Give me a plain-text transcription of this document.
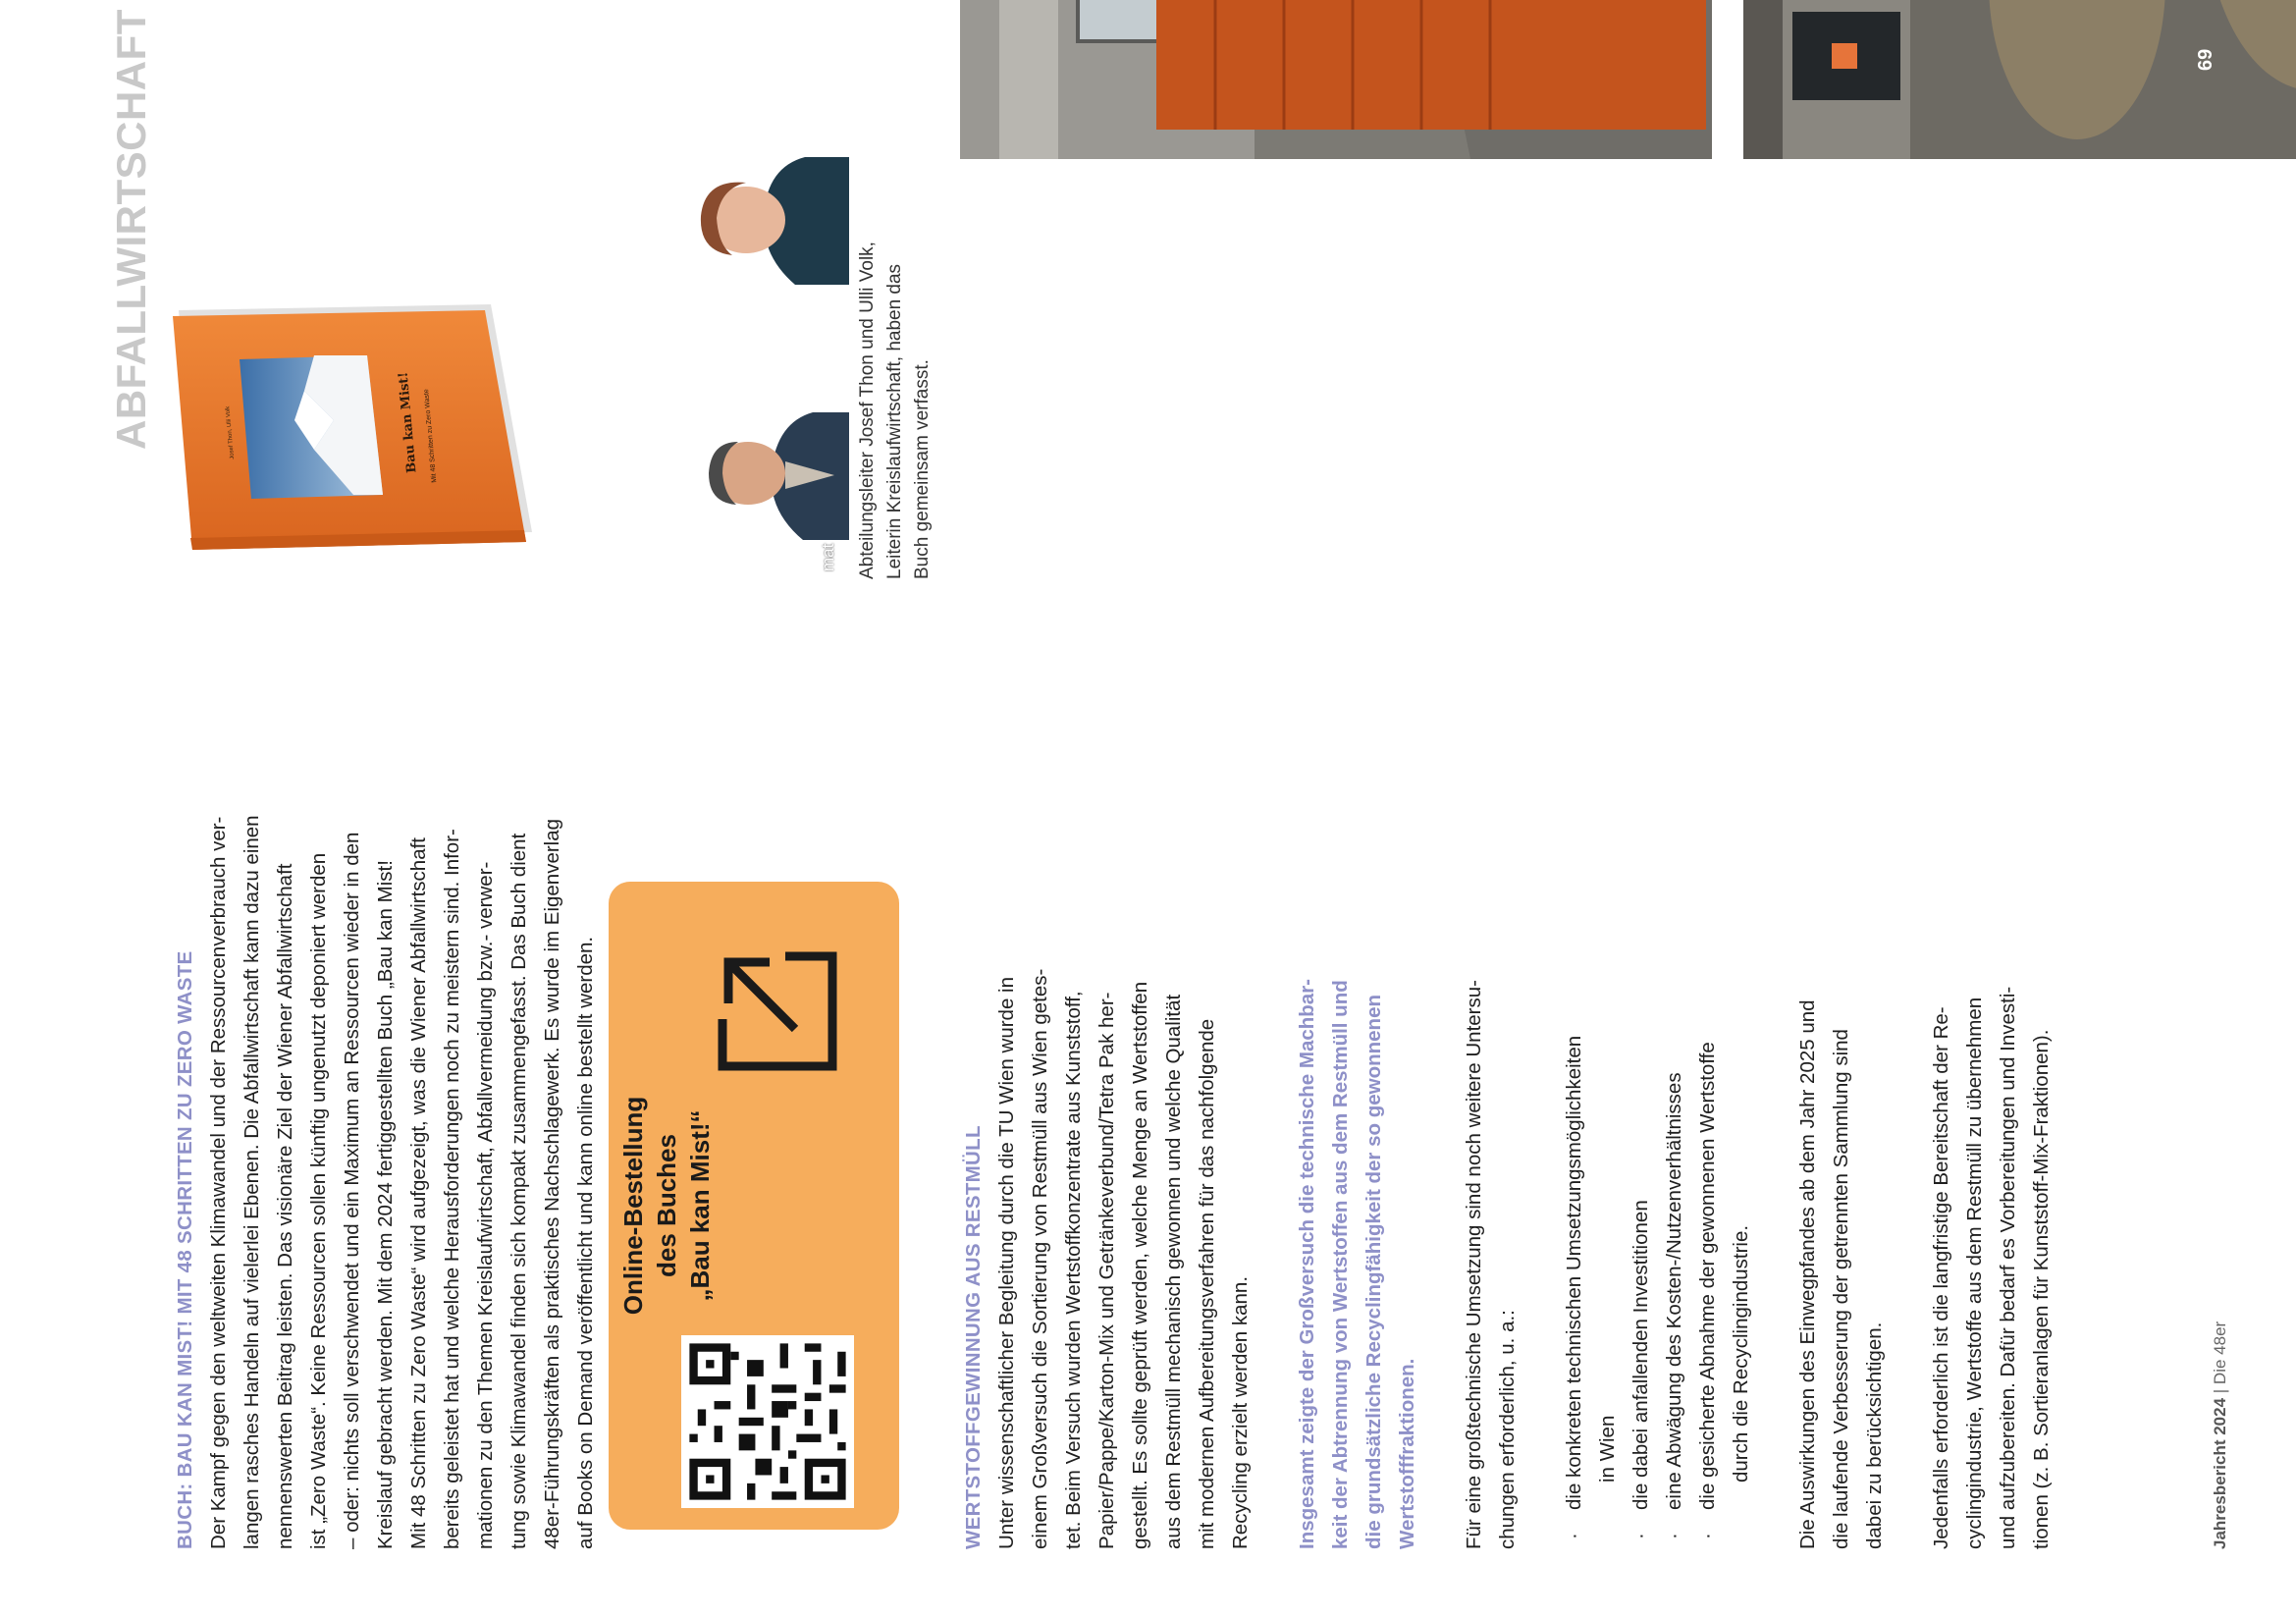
ABFALLWIRTSCHAFT	Bau kan Mist! Mit 48 Schritten zu Zero Waste
Josef Thon, Ulli Volk
mat Abteilungsleiter Josef Thon und Ulli Volk, Leiterin Kreislaufwirtschaft, haben das Buch gemeinsam verfasst.
BUCH: BAU KAN MIST! MIT 48 SCHRITTEN ZU ZERO WASTE Der Kampf gegen den weltweiten Klimawandel und der Ressourcenverbrauch ver- langen rasches Handeln auf vielerlei Ebenen. Die Abfallwirtschaft kann dazu einen nennenswerten Beitrag leisten. Das visionäre Ziel der Wiener Abfallwirtschaft ist „Zero Waste“. Keine Ressourcen sollen künftig ungenutzt deponiert werden – oder: nichts soll verschwendet und ein Maximum an Ressourcen wieder in den Kreislauf gebracht werden. Mit dem 2024 fertiggestellten Buch „Bau kan Mist! Mit 48 Schritten zu Zero Waste“ wird aufgezeigt, was die Wiener Abfallwirtschaft bereits geleistet hat und welche Herausforderungen noch zu meistern sind. Infor- mationen zu den Themen Kreislaufwirtschaft, Abfallvermeidung bzw.- verwer- tung sowie Klimawandel finden sich kompakt zusammengefasst. Das Buch dient 48er-Führungskräften als praktisches Nachschlagewerk. Es wurde im Eigenverlag auf Books on Demand veröffentlicht und kann online bestellt werden. Online-Bestellung des Buches „Bau kan Mist!“
69
WERTSTOFFGEWINNUNG AUS RESTMÜLL Unter wissenschaftlicher Begleitung durch die TU Wien wurde in einem Großversuch die Sortierung von Restmüll aus Wien getes- tet. Beim Versuch wurden Wertstoffkonzentrate aus Kunststoff, Papier/Pappe/Karton-Mix und Getränkeverbund/Tetra Pak her- gestellt. Es sollte geprüft werden, welche Menge an Wertstoffen aus dem Restmüll mechanisch gewonnen und welche Qualität mit modernen Aufbereitungsverfahren für das nachfolgende Recycling erzielt werden kann. Insgesamt zeigte der Großversuch die technische Machbar- keit der Abtrennung von Wertstoffen aus dem Restmüll und die grundsätzliche Recyclingfähigkeit der so gewonnenen Wertstofffraktionen. Für eine großtechnische Umsetzung sind noch weitere Untersu- chungen erforderlich, u. a.: ·
die konkreten technischen Umsetzungsmöglichkeiten in Wien
·
die dabei anfallenden Investitionen
·
eine Abwägung des Kosten-/Nutzenverhältnisses
·
die gesicherte Abnahme der gewonnenen Wertstoffe durch die Recyclingindustrie. Die Auswirkungen des Einwegpfandes ab dem Jahr 2025 und die laufende Verbesserung der getrennten Sammlung sind dabei zu berücksichtigen. Jedenfalls erforderlich ist die langfristige Bereitschaft der Re- cyclingindustrie, Wertstoffe aus dem Restmüll zu übernehmen und aufzubereiten. Dafür bedarf es Vorbereitungen und Investi- tionen (z. B. Sortieranlagen für Kunststoff-Mix-Fraktionen).	Jahresbericht 2024 | Die 48er
